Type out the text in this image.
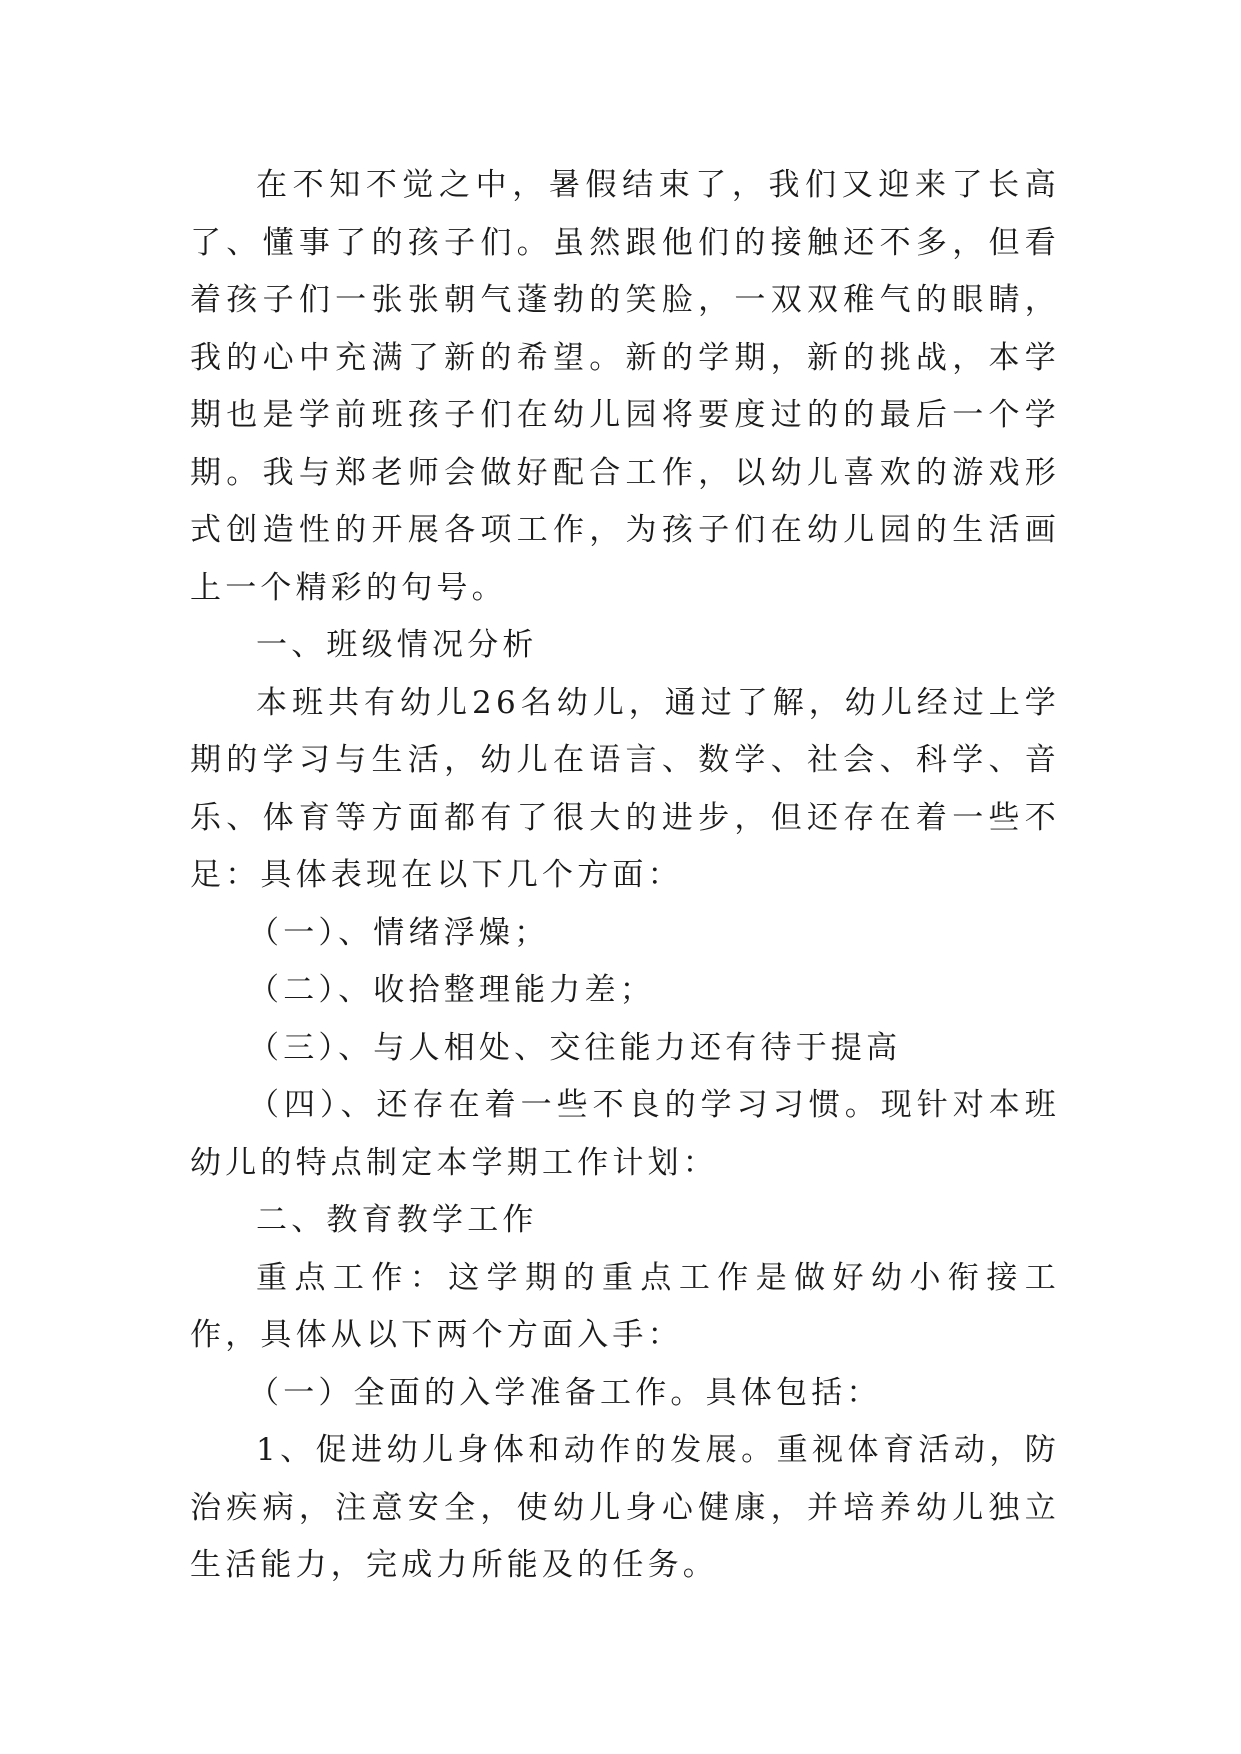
在不知不觉之中，暑假结束了，我们又迎来了长高了、懂事了的孩子们。虽然跟他们的接触还不多，但看着孩子们一张张朝气蓬勃的笑脸，一双双稚气的眼睛，我的心中充满了新的希望。新的学期，新的挑战，本学期也是学前班孩子们在幼儿园将要度过的的最后一个学期。我与郑老师会做好配合工作，以幼儿喜欢的游戏形式创造性的开展各项工作，为孩子们在幼儿园的生活画上一个精彩的句号。

一、班级情况分析

本班共有幼儿26名幼儿，通过了解，幼儿经过上学期的学习与生活，幼儿在语言、数学、社会、科学、音乐、体育等方面都有了很大的进步，但还存在着一些不足：具体表现在以下几个方面：

（一）、情绪浮燥；

（二）、收拾整理能力差；

（三）、与人相处、交往能力还有待于提高

（四）、还存在着一些不良的学习习惯。现针对本班幼儿的特点制定本学期工作计划：

二、教育教学工作

重点工作：这学期的重点工作是做好幼小衔接工作，具体从以下两个方面入手：

（一）全面的入学准备工作。具体包括：

1、促进幼儿身体和动作的发展。重视体育活动，防治疾病，注意安全，使幼儿身心健康，并培养幼儿独立生活能力，完成力所能及的任务。
